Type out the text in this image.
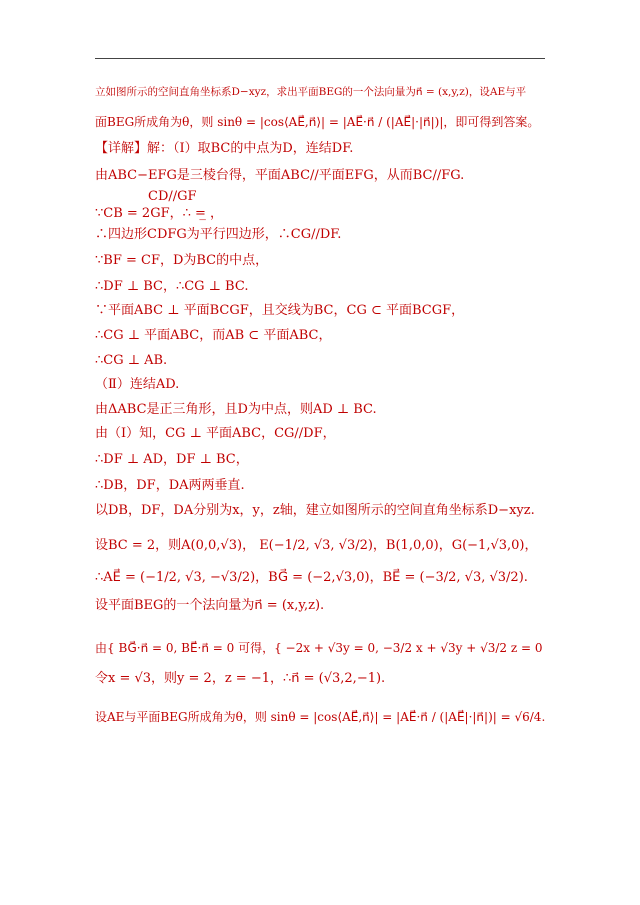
立如图所示的空间直角坐标系D−xyz，求出平面BEG的一个法向量为n⃗ = (x,y,z)，设AE与平
面BEG所成角为θ，则 sinθ = |cos⟨AE⃗,n⃗⟩| = |AE⃗·n⃗ / (|AE⃗|·|n⃗|)|，即可得到答案。
【详解】解：（Ⅰ）取BC的中点为D，连结DF.
由ABC−EFG是三棱台得，平面ABC//平面EFG，从而BC//FG.
CD//GF
∵CB = 2GF，∴ =̲ ，
∴四边形CDFG为平行四边形，∴CG//DF.
∵BF = CF，D为BC的中点，
∴DF ⊥ BC，∴CG ⊥ BC.
∵平面ABC ⊥ 平面BCGF，且交线为BC，CG ⊂ 平面BCGF，
∴CG ⊥ 平面ABC，而AB ⊂ 平面ABC，
∴CG ⊥ AB.
（Ⅱ）连结AD.
由ΔABC是正三角形，且D为中点，则AD ⊥ BC.
由（Ⅰ）知，CG ⊥ 平面ABC，CG//DF，
∴DF ⊥ AD，DF ⊥ BC，
∴DB，DF，DA两两垂直.
以DB，DF，DA分别为x，y，z轴，建立如图所示的空间直角坐标系D−xyz.
设BC = 2，则A(0,0,√3)， E(−1/2, √3, √3/2)，B(1,0,0)，G(−1,√3,0)，
∴AE⃗ = (−1/2, √3, −√3/2)，BG⃗ = (−2,√3,0)，BE⃗ = (−3/2, √3, √3/2).
设平面BEG的一个法向量为n⃗ = (x,y,z).
由{ BG⃗·n⃗ = 0, BE⃗·n⃗ = 0 可得，{ −2x + √3y = 0, −3/2 x + √3y + √3/2 z = 0
令x = √3，则y = 2，z = −1，∴n⃗ = (√3,2,−1).
设AE与平面BEG所成角为θ，则 sinθ = |cos⟨AE⃗,n⃗⟩| = |AE⃗·n⃗ / (|AE⃗|·|n⃗|)| = √6/4.
